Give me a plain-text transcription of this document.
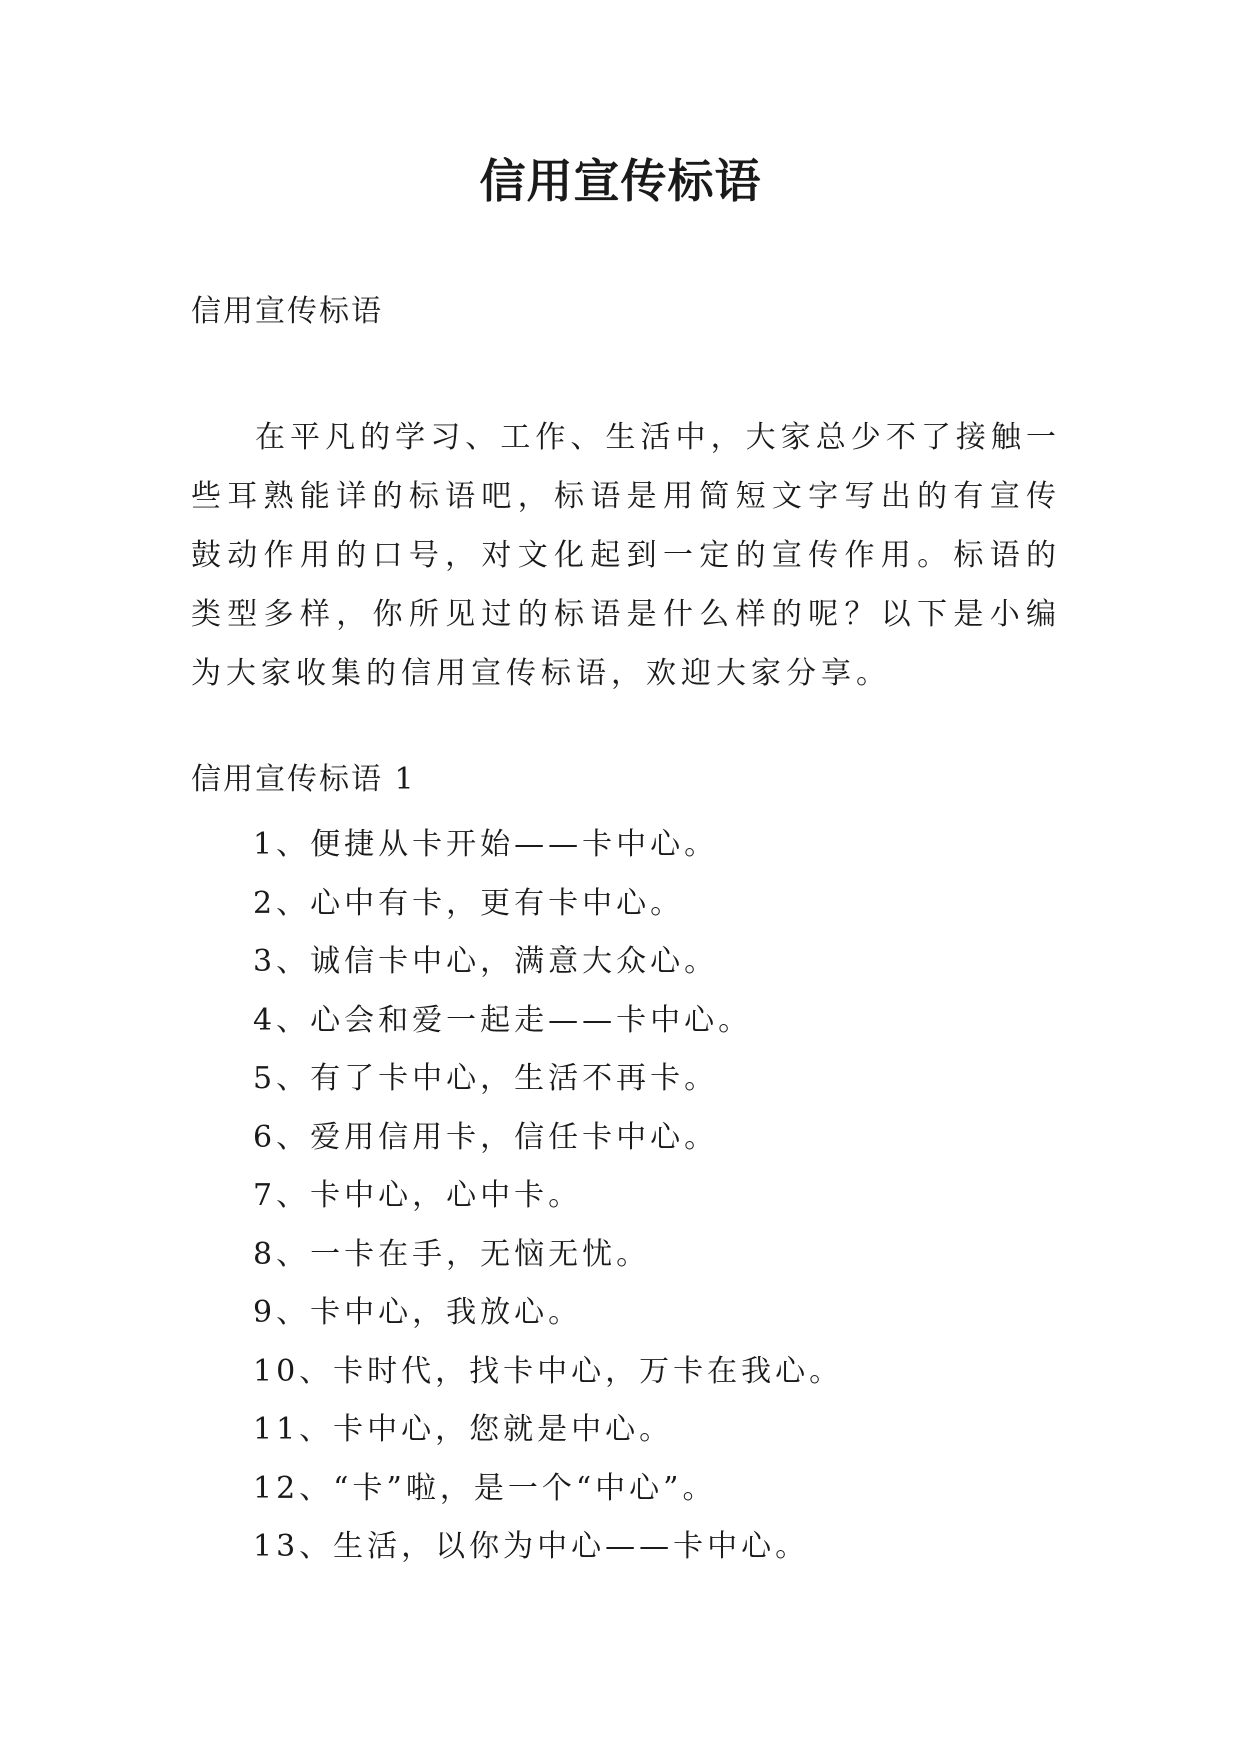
信用宣传标语

信用宣传标语

在平凡的学习、工作、生活中，大家总少不了接触一些耳熟能详的标语吧，标语是用简短文字写出的有宣传鼓动作用的口号，对文化起到一定的宣传作用。标语的类型多样，你所见过的标语是什么样的呢？以下是小编为大家收集的信用宣传标语，欢迎大家分享。

信用宣传标语 1

1、便捷从卡开始——卡中心。
2、心中有卡，更有卡中心。
3、诚信卡中心，满意大众心。
4、心会和爱一起走——卡中心。
5、有了卡中心，生活不再卡。
6、爱用信用卡，信任卡中心。
7、卡中心，心中卡。
8、一卡在手，无恼无忧。
9、卡中心，我放心。
10、卡时代，找卡中心，万卡在我心。
11、卡中心，您就是中心。
12、“卡”啦，是一个“中心”。
13、生活，以你为中心——卡中心。
